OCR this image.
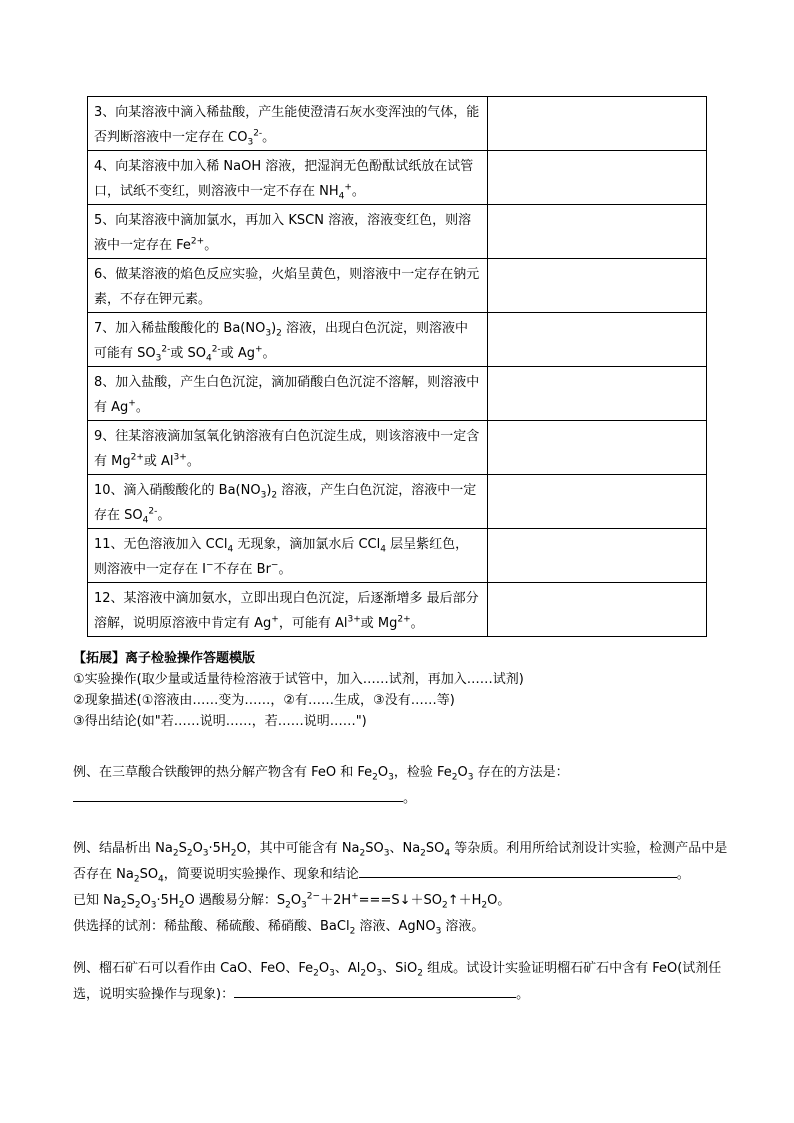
3、向某溶液中滴入稀盐酸，产生能使澄清石灰水变浑浊的气体，能否判断溶液中一定存在 $CO_3^{2-}$。	
4、向某溶液中加入稀 NaOH 溶液，把湿润无色酚酞试纸放在试管口，试纸不变红，则溶液中一定不存在 $NH_4^+$。	
5、向某溶液中滴加氯水，再加入 KSCN 溶液，溶液变红色，则溶液中一定存在 $Fe^{2+}$。	
6、做某溶液的焰色反应实验，火焰呈黄色，则溶液中一定存在钠元素，不存在钾元素。	
7、加入稀盐酸酸化的 $Ba(NO_3)_2$ 溶液，出现白色沉淀，则溶液中可能有 $SO_3^{2-}$或 $SO_4^{2-}$或 Ag+。	
8、加入盐酸，产生白色沉淀，滴加硝酸白色沉淀不溶解，则溶液中有 Ag+。	
9、往某溶液滴加氢氧化钠溶液有白色沉淀生成，则该溶液中一定含有 $Mg^{2+}$或 $Al^{3+}$。	
10、滴入硝酸酸化的 $Ba(NO_3)_2$ 溶液，产生白色沉淀，溶液中一定存在 $SO_4^{2-}$。	
11、无色溶液加入 CCl$_4$ 无现象，滴加氯水后 CCl$_4$ 层呈紫红色，则溶液中一定存在 I−不存在 Br−。	
12、某溶液中滴加氨水，立即出现白色沉淀，后逐渐增多 最后部分溶解，说明原溶液中肯定有 Ag+，可能有 $Al^{3+}$或 $Mg^{2+}$。	
【拓展】离子检验操作答题模版
①实验操作(取少量或适量待检溶液于试管中，加入……试剂，再加入……试剂)
②现象描述(①溶液由……变为……，②有……生成，③没有……等)
③得出结论(如"若……说明……，若……说明……")
例、在三草酸合铁酸钾的热分解产物含有 FeO 和 $Fe_2O_3$，检验 $Fe_2O_3$ 存在的方法是：
。
例、结晶析出 $Na_2S_2O_3\cdot 5H_2O$，其中可能含有 $Na_2SO_3$、$Na_2SO_4$ 等杂质。利用所给试剂设计实验，检测产品中是否存在 $Na_2SO_4$，简要说明实验操作、现象和结论	。
已知 $Na_2S_2O_3\cdot 5H_2O$ 遇酸易分解：$S_2O_3^{2-}+2H^+===S↓+SO_2↑+H_2O$。
供选择的试剂：稀盐酸、稀硫酸、稀硝酸、BaCl$_2$ 溶液、AgNO$_3$ 溶液。
例、榴石矿石可以看作由 CaO、FeO、$Fe_2O_3$、$Al_2O_3$、SiO$_2$ 组成。试设计实验证明榴石矿石中含有 FeO(试剂任选，说明实验操作与现象)：	。
